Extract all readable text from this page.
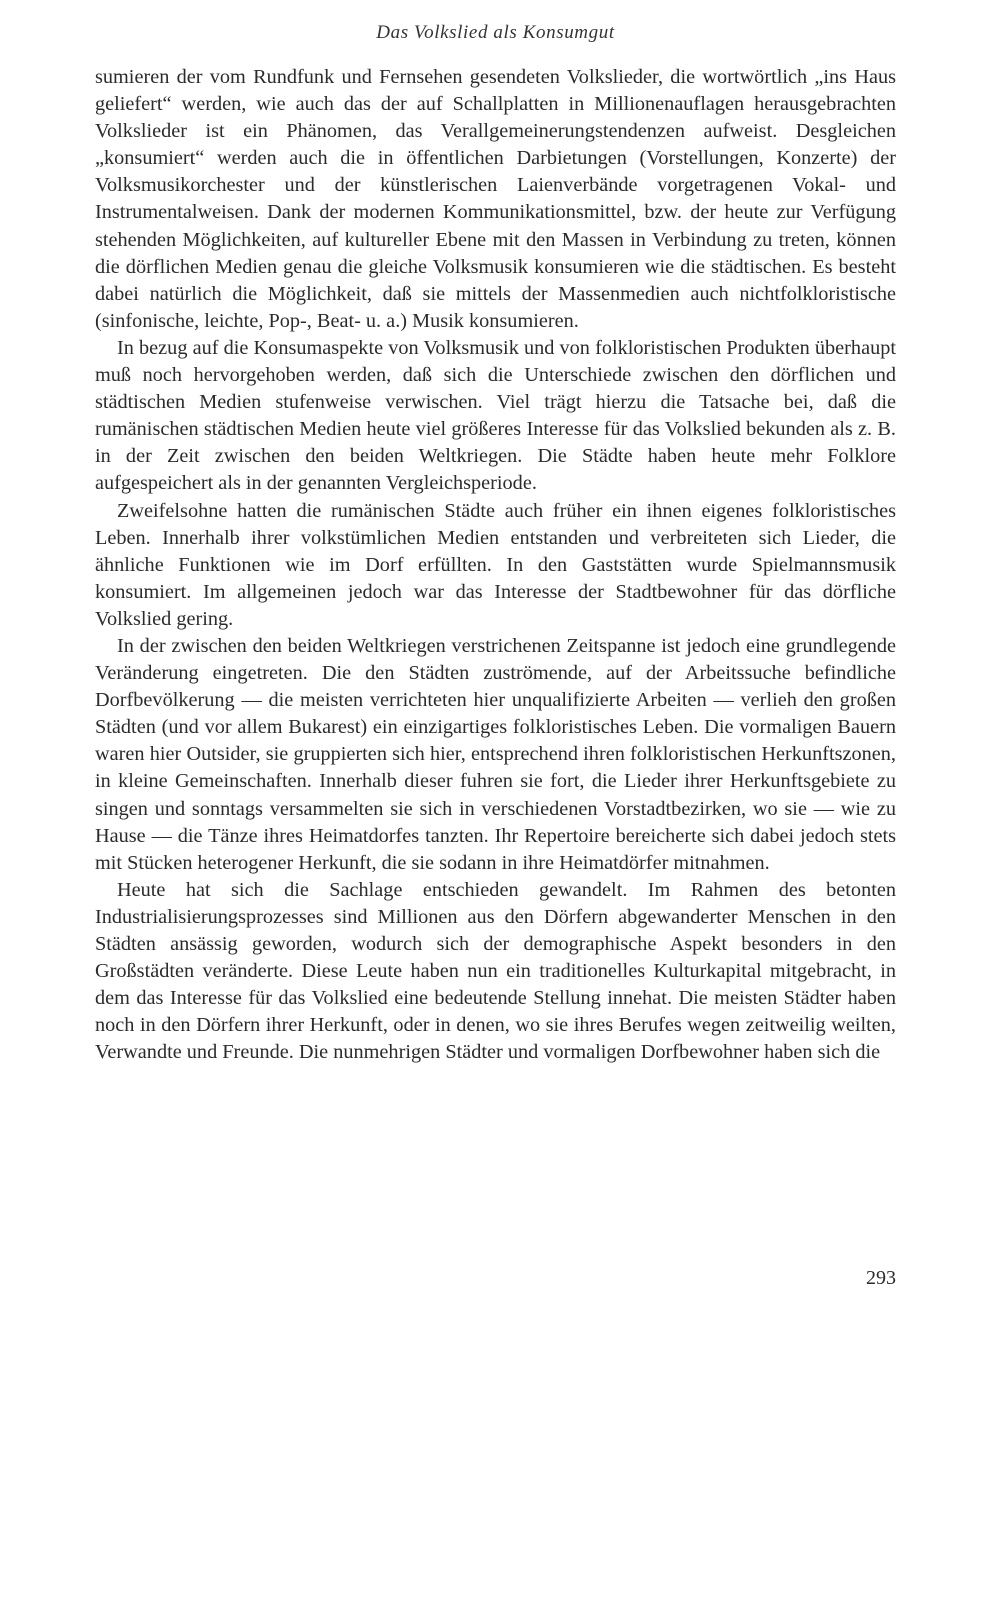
Das Volkslied als Konsumgut

sumieren der vom Rundfunk und Fernsehen gesendeten Volkslieder, die wortwörtlich „ins Haus geliefert“ werden, wie auch das der auf Schallplatten in Millionenauflagen herausgebrachten Volkslieder ist ein Phänomen, das Verallgemeinerungstendenzen aufweist. Desgleichen „konsumiert“ werden auch die in öffentlichen Darbietungen (Vorstellungen, Konzerte) der Volksmusikorchester und der künstlerischen Laienverbände vorgetragenen Vokal- und Instrumentalweisen. Dank der modernen Kommunikationsmittel, bzw. der heute zur Verfügung stehenden Möglichkeiten, auf kultureller Ebene mit den Massen in Verbindung zu treten, können die dörflichen Medien genau die gleiche Volksmusik konsumieren wie die städtischen. Es besteht dabei natürlich die Möglichkeit, daß sie mittels der Massenmedien auch nichtfolkloristische (sinfonische, leichte, Pop-, Beat- u. a.) Musik konsumieren.

In bezug auf die Konsumaspekte von Volksmusik und von folkloristischen Produkten überhaupt muß noch hervorgehoben werden, daß sich die Unterschiede zwischen den dörflichen und städtischen Medien stufenweise verwischen. Viel trägt hierzu die Tatsache bei, daß die rumänischen städtischen Medien heute viel größeres Interesse für das Volkslied bekunden als z. B. in der Zeit zwischen den beiden Weltkriegen. Die Städte haben heute mehr Folklore aufgespeichert als in der genannten Vergleichsperiode.

Zweifelsohne hatten die rumänischen Städte auch früher ein ihnen eigenes folkloristisches Leben. Innerhalb ihrer volkstümlichen Medien entstanden und verbreiteten sich Lieder, die ähnliche Funktionen wie im Dorf erfüllten. In den Gaststätten wurde Spielmannsmusik konsumiert. Im allgemeinen jedoch war das Interesse der Stadtbewohner für das dörfliche Volkslied gering.

In der zwischen den beiden Weltkriegen verstrichenen Zeitspanne ist jedoch eine grundlegende Veränderung eingetreten. Die den Städten zuströmende, auf der Arbeitssuche befindliche Dorfbevölkerung — die meisten verrichteten hier unqualifizierte Arbeiten — verlieh den großen Städten (und vor allem Bukarest) ein einzigartiges folkloristisches Leben. Die vormaligen Bauern waren hier Outsider, sie gruppierten sich hier, entsprechend ihren folkloristischen Herkunftszonen, in kleine Gemeinschaften. Innerhalb dieser fuhren sie fort, die Lieder ihrer Herkunftsgebiete zu singen und sonntags versammelten sie sich in verschiedenen Vorstadtbezirken, wo sie — wie zu Hause — die Tänze ihres Heimatdorfes tanzten. Ihr Repertoire bereicherte sich dabei jedoch stets mit Stücken heterogener Herkunft, die sie sodann in ihre Heimatdörfer mitnahmen.

Heute hat sich die Sachlage entschieden gewandelt. Im Rahmen des betonten Industrialisierungsprozesses sind Millionen aus den Dörfern abgewanderter Menschen in den Städten ansässig geworden, wodurch sich der demographische Aspekt besonders in den Großstädten veränderte. Diese Leute haben nun ein traditionelles Kulturkapital mitgebracht, in dem das Interesse für das Volkslied eine bedeutende Stellung innehat. Die meisten Städter haben noch in den Dörfern ihrer Herkunft, oder in denen, wo sie ihres Berufes wegen zeitweilig weilten, Verwandte und Freunde. Die nunmehrigen Städter und vormaligen Dorfbewohner haben sich die

293
